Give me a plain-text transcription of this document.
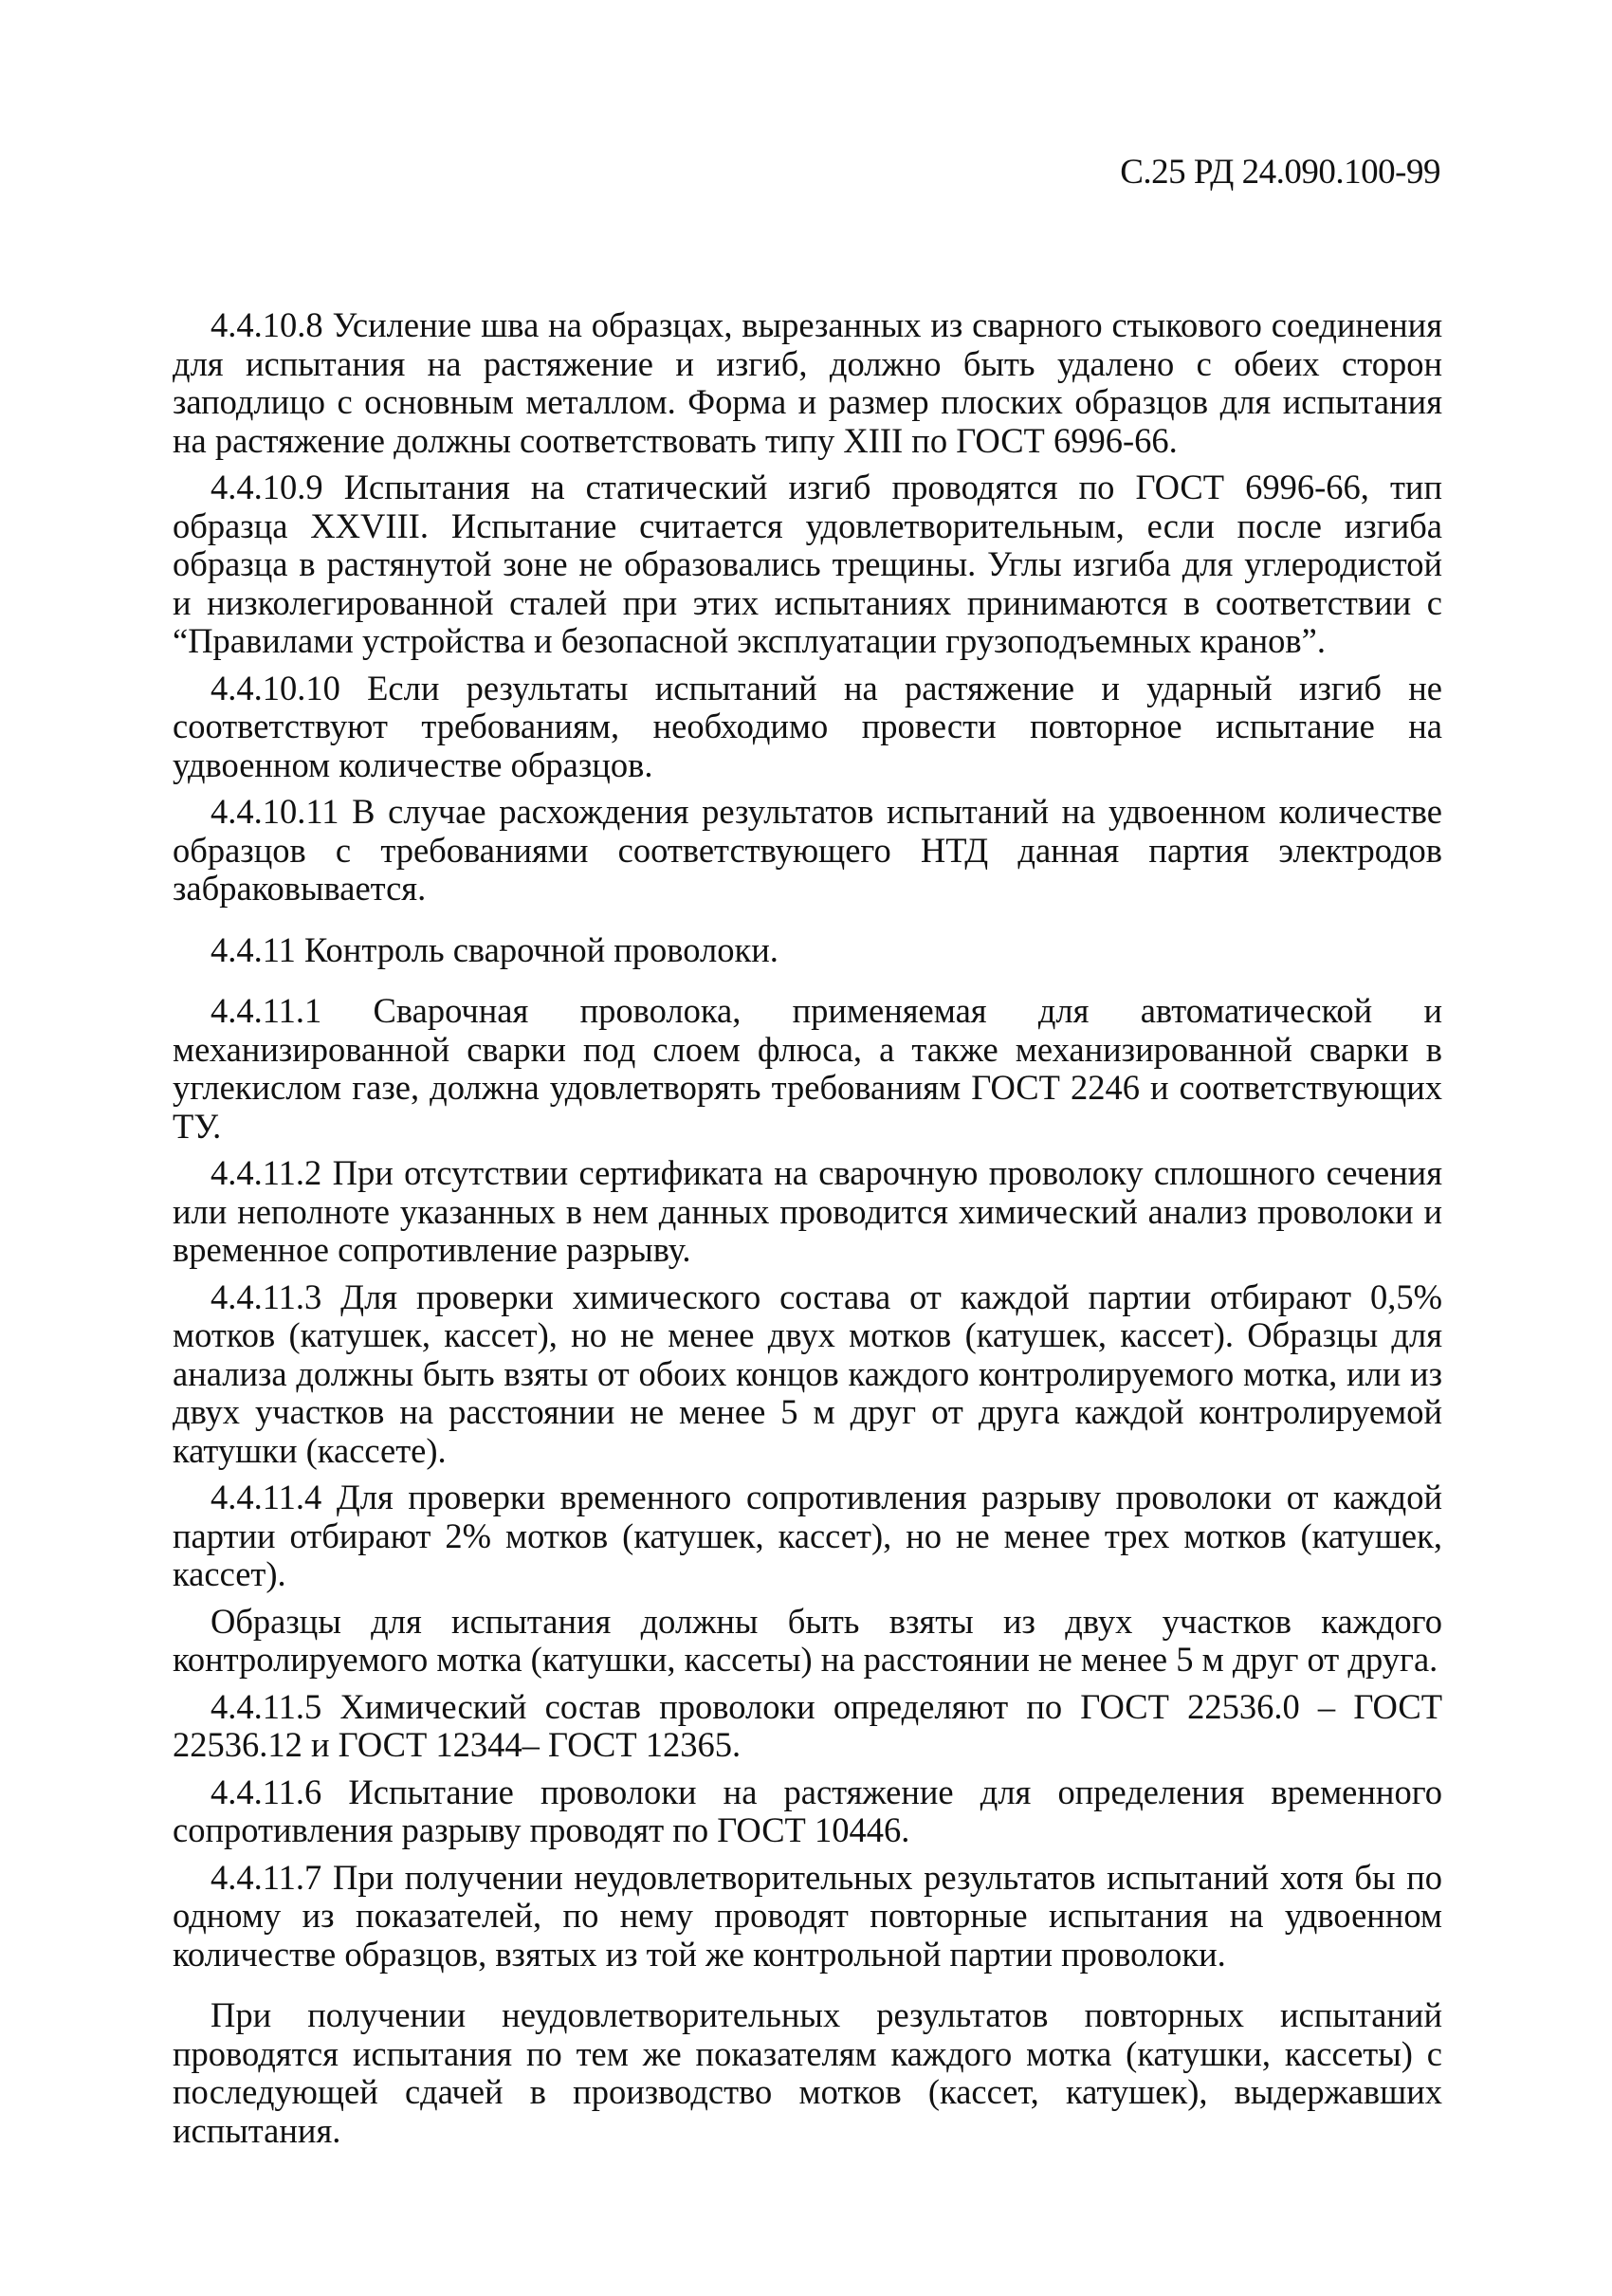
С.25 РД 24.090.100-99

4.4.10.8 Усиление шва на образцах, вырезанных из сварного стыкового соединения для испытания на растяжение и изгиб, должно быть удалено с обеих сторон заподлицо с основным металлом. Форма и размер плоских образцов для испытания на растяжение должны соответствовать типу XIII по ГОСТ 6996-66.

4.4.10.9 Испытания на статический изгиб проводятся по ГОСТ 6996-66, тип образца XXVIII. Испытание считается удовлетворительным, если после изгиба образца в растянутой зоне не образовались трещины. Углы изгиба для углеродистой и низколегированной сталей при этих испытаниях принимаются в соответствии с “Правилами устройства и безопасной эксплуатации грузоподъемных кранов”.

4.4.10.10 Если результаты испытаний на растяжение и ударный изгиб не соответствуют требованиям, необходимо провести повторное испытание на удвоенном количестве образцов.

4.4.10.11 В случае расхождения результатов испытаний на удвоенном количестве образцов с требованиями соответствующего НТД данная партия электродов забраковывается.

4.4.11 Контроль сварочной проволоки.

4.4.11.1 Сварочная проволока, применяемая для автоматической и механизированной сварки под слоем флюса, а также механизированной сварки в углекислом газе, должна удовлетворять требованиям ГОСТ 2246 и соответствующих ТУ.

4.4.11.2 При отсутствии сертификата на сварочную проволоку сплошного сечения или неполноте указанных в нем данных проводится химический анализ проволоки и временное сопротивление разрыву.

4.4.11.3 Для проверки химического состава от каждой партии отбирают 0,5% мотков (катушек, кассет), но не менее двух мотков (катушек, кассет). Образцы для анализа должны быть взяты от обоих концов каждого контролируемого мотка, или из двух участков на расстоянии не менее 5 м друг от друга каждой контролируемой катушки (кассете).

4.4.11.4 Для проверки временного сопротивления разрыву проволоки от каждой партии отбирают 2% мотков (катушек, кассет), но не менее трех мотков (катушек, кассет).

Образцы для испытания должны быть взяты из двух участков каждого контролируемого мотка (катушки, кассеты) на расстоянии не менее 5 м друг от друга.

4.4.11.5 Химический состав проволоки определяют по ГОСТ 22536.0 – ГОСТ 22536.12 и ГОСТ 12344– ГОСТ 12365.

4.4.11.6 Испытание проволоки на растяжение для определения временного сопротивления разрыву проводят по ГОСТ 10446.

4.4.11.7 При получении неудовлетворительных результатов испытаний хотя бы по одному из показателей, по нему проводят повторные испытания на удвоенном количестве образцов, взятых из той же контрольной партии проволоки.

При получении неудовлетворительных результатов повторных испытаний проводятся испытания по тем же показателям каждого мотка (катушки, кассеты) с последующей сдачей в производство мотков (кассет, катушек), выдержавших испытания.
